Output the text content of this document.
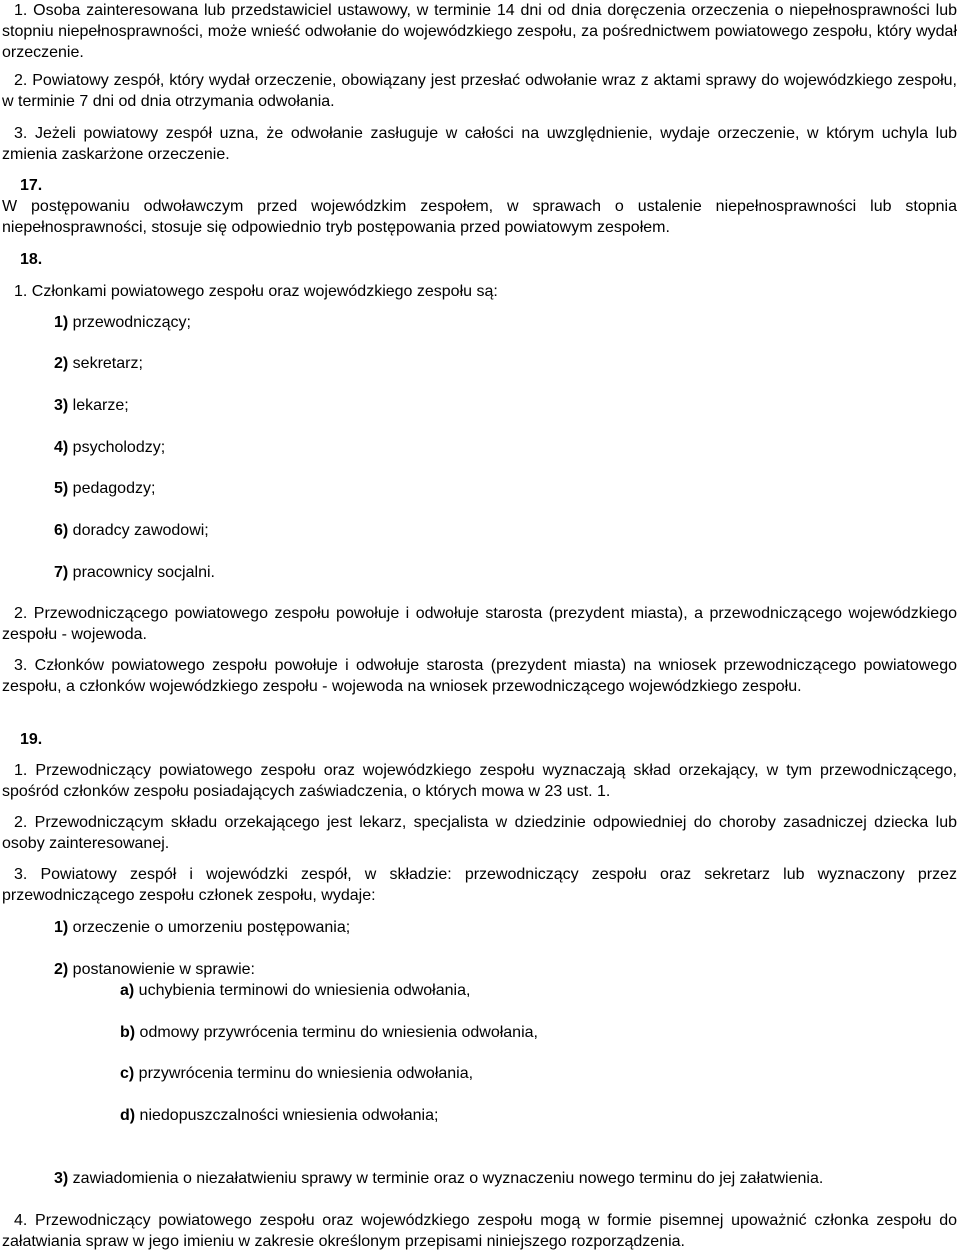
1. Osoba zainteresowana lub przedstawiciel ustawowy, w terminie 14 dni od dnia doręczenia orzeczenia o niepełnosprawności lub stopniu niepełnosprawności, może wnieść odwołanie do wojewódzkiego zespołu, za pośrednictwem powiatowego zespołu, który wydał orzeczenie.

2. Powiatowy zespół, który wydał orzeczenie, obowiązany jest przesłać odwołanie wraz z aktami sprawy do wojewódzkiego zespołu, w terminie 7 dni od dnia otrzymania odwołania.

3. Jeżeli powiatowy zespół uzna, że odwołanie zasługuje w całości na uwzględnienie, wydaje orzeczenie, w którym uchyla lub zmienia zaskarżone orzeczenie.

17.

W postępowaniu odwoławczym przed wojewódzkim zespołem, w sprawach o ustalenie niepełnosprawności lub stopnia niepełnosprawności, stosuje się odpowiednio tryb postępowania przed powiatowym zespołem.

18.

1. Członkami powiatowego zespołu oraz wojewódzkiego zespołu są:

1) przewodniczący;

2) sekretarz;

3) lekarze;

4) psycholodzy;

5) pedagodzy;

6) doradcy zawodowi;

7) pracownicy socjalni.

2. Przewodniczącego powiatowego zespołu powołuje i odwołuje starosta (prezydent miasta), a przewodniczącego wojewódzkiego zespołu - wojewoda.

3. Członków powiatowego zespołu powołuje i odwołuje starosta (prezydent miasta) na wniosek przewodniczącego powiatowego zespołu, a członków wojewódzkiego zespołu - wojewoda na wniosek przewodniczącego wojewódzkiego zespołu.

19.

1. Przewodniczący powiatowego zespołu oraz wojewódzkiego zespołu wyznaczają skład orzekający, w tym przewodniczącego, spośród członków zespołu posiadających zaświadczenia, o których mowa w 23 ust. 1.

2. Przewodniczącym składu orzekającego jest lekarz, specjalista w dziedzinie odpowiedniej do choroby zasadniczej dziecka lub osoby zainteresowanej.

3. Powiatowy zespół i wojewódzki zespół, w składzie: przewodniczący zespołu oraz sekretarz lub wyznaczony przez przewodniczącego zespołu członek zespołu, wydaje:

1) orzeczenie o umorzeniu postępowania;

2) postanowienie w sprawie:

a) uchybienia terminowi do wniesienia odwołania,

b) odmowy przywrócenia terminu do wniesienia odwołania,

c) przywrócenia terminu do wniesienia odwołania,

d) niedopuszczalności wniesienia odwołania;

3) zawiadomienia o niezałatwieniu sprawy w terminie oraz o wyznaczeniu nowego terminu do jej załatwienia.

4. Przewodniczący powiatowego zespołu oraz wojewódzkiego zespołu mogą w formie pisemnej upoważnić członka zespołu do załatwiania spraw w jego imieniu w zakresie określonym przepisami niniejszego rozporządzenia.
